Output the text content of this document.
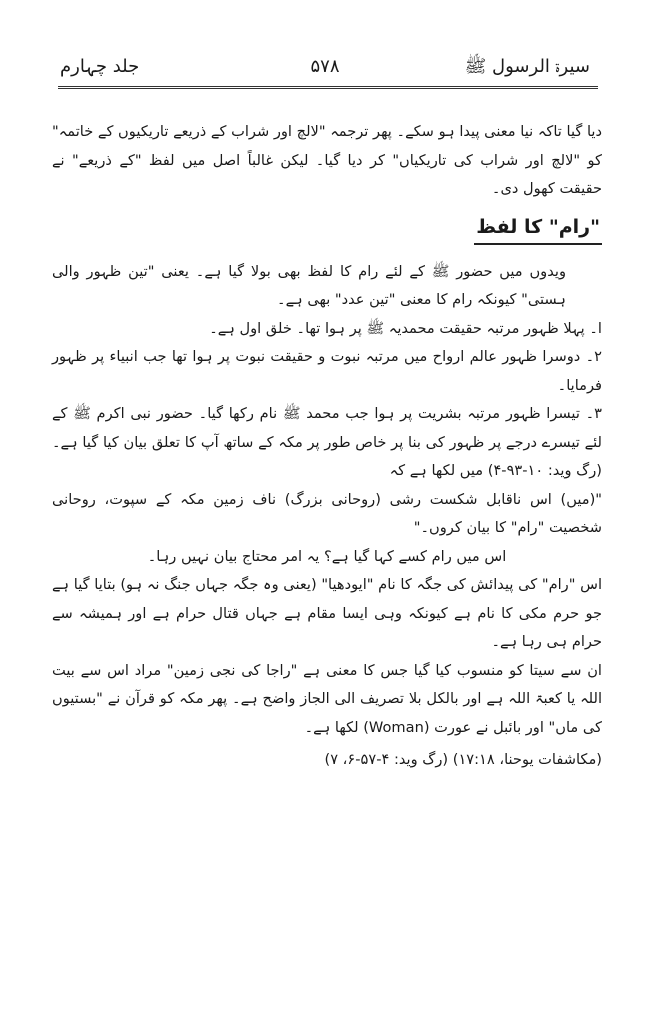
سیرۃ الرسول ﷺ
۵۷۸
جلد چہارم

دیا گیا تاکہ نیا معنی پیدا ہو سکے۔ پھر ترجمہ "لالچ اور شراب کے ذریعے تاریکیوں کے خاتمہ" کو "لالچ اور شراب کی تاریکیاں" کر دیا گیا۔ لیکن غالباً اصل میں لفظ "کے ذریعے" نے حقیقت کھول دی۔

"رام" کا لفظ

ویدوں میں حضور ﷺ کے لئے رام کا لفظ بھی بولا گیا ہے۔ یعنی "تین ظہور والی ہستی" کیونکہ رام کا معنی "تین عدد" بھی ہے۔

ا۔ پہلا ظہور مرتبہ حقیقت محمدیہ ﷺ پر ہوا تھا۔ خلق اول ہے۔

۲۔ دوسرا ظہور عالم ارواح میں مرتبہ نبوت و حقیقت نبوت پر ہوا تھا جب انبیاء پر ظہور فرمایا۔

۳۔ تیسرا ظہور مرتبہ بشریت پر ہوا جب محمد ﷺ نام رکھا گیا۔ حضور نبی اکرم ﷺ کے لئے تیسرے درجے پر ظہور کی بنا پر خاص طور پر مکہ کے ساتھ آپ کا تعلق بیان کیا گیا ہے۔ (رگ وید: ۱۰-۹۳-۴) میں لکھا ہے کہ

"(میں) اس ناقابل شکست رشی (روحانی بزرگ) ناف زمین مکہ کے سپوت، روحانی شخصیت "رام" کا بیان کروں۔"

اس میں رام کسے کہا گیا ہے؟ یہ امر محتاج بیان نہیں رہا۔

اس "رام" کی پیدائش کی جگہ کا نام "ایودھیا" (یعنی وہ جگہ جہاں جنگ نہ ہو) بتایا گیا ہے جو حرم مکی کا نام ہے کیونکہ وہی ایسا مقام ہے جہاں قتال حرام ہے اور ہمیشہ سے حرام ہی رہا ہے۔

ان سے سیتا کو منسوب کیا گیا جس کا معنی ہے "راجا کی نجی زمین" مراد اس سے بیت اللہ یا کعبۃ اللہ ہے اور بالکل بلا تصریف الی الجاز واضح ہے۔ پھر مکہ کو قرآن نے "بستیوں کی ماں" اور بائبل نے عورت (Woman) لکھا ہے۔

(مکاشفات یوحنا، ۱۷:۱۸) (رگ وید: ۴-۵۷-۶، ۷)
